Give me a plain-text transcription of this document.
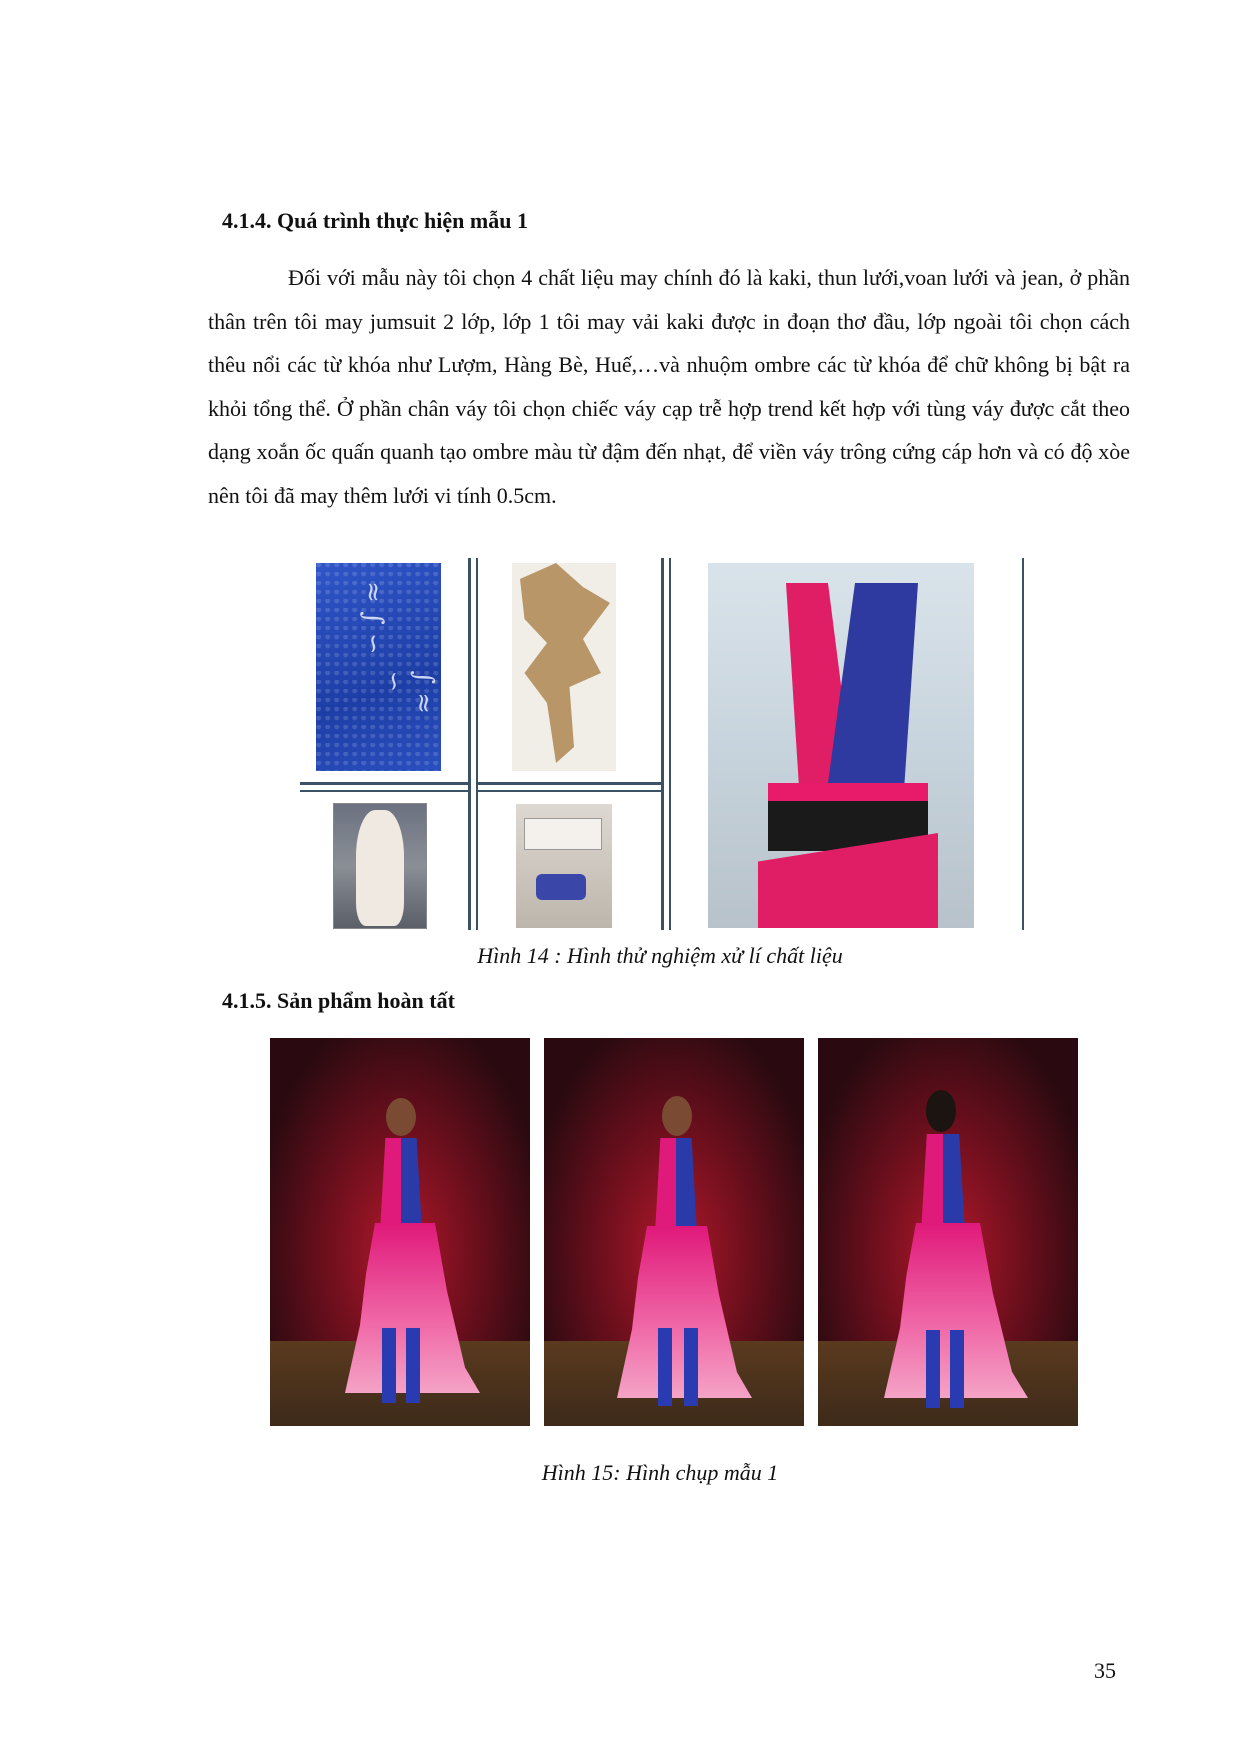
4.1.4. Quá trình thực hiện mẫu 1
Đối với mẫu này tôi chọn 4 chất liệu may chính đó là kaki, thun lưới,voan lưới và jean, ở phần thân trên tôi may jumsuit 2 lớp, lớp 1 tôi may vải kaki được in đoạn thơ đầu, lớp ngoài tôi chọn cách thêu nổi các từ khóa như Lượm, Hàng Bè, Huế,…và nhuộm ombre các từ khóa để chữ không bị bật ra khỏi tổng thể. Ở phần chân váy tôi chọn chiếc váy cạp trễ hợp trend kết hợp với tùng váy được cắt theo dạng xoắn ốc quấn quanh tạo ombre màu từ đậm đến nhạt, để viền váy trông cứng cáp hơn và có độ xòe nên tôi đã may thêm lưới vi tính 0.5cm.
≈ ∫ ∽
∫ ≈ ∽
Hình 14 : Hình thử nghiệm xử lí chất liệu
4.1.5. Sản phẩm hoàn tất
Hình 15: Hình chụp mẫu 1
35
